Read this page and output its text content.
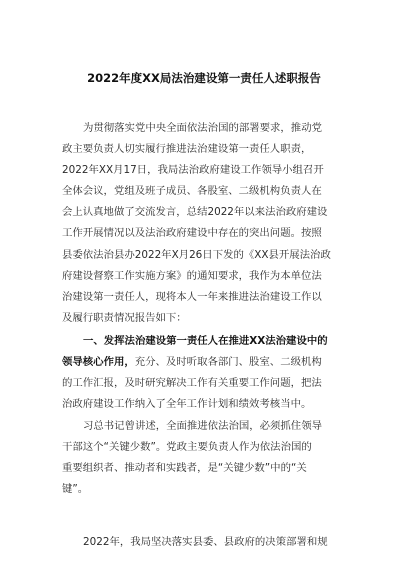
2022年度XX局法治建设第一责任人述职报告
为贯彻落实党中央全面依法治国的部署要求，推动党
政主要负责人切实履行推进法治建设第一责任人职责，
2022年XX月17日，我局法治政府建设工作领导小组召开
全体会议，党组及班子成员、各股室、二级机构负责人在
会上认真地做了交流发言，总结2022年以来法治政府建设
工作开展情况以及法治政府建设中存在的突出问题。按照
县委依法治县办2022年X月26日下发的《XX县开展法治政
府建设督察工作实施方案》的通知要求，我作为本单位法
治建设第一责任人，现将本人一年来推进法治建设工作以
及履行职责情况报告如下：
一、发挥法治建设第一责任人在推进XX法治建设中的
领导核心作用，充分、及时听取各部门、股室、二级机构
的工作汇报，及时研究解决工作有关重要工作问题，把法
治政府建设工作纳入了全年工作计划和绩效考核当中。
习总书记曾讲述，全面推进依法治国，必须抓住领导
干部这个“关键少数”。党政主要负责人作为依法治国的
重要组织者、推动者和实践者，是“关键少数”中的“关
键”。
2022年，我局坚决落实县委、县政府的决策部署和规
